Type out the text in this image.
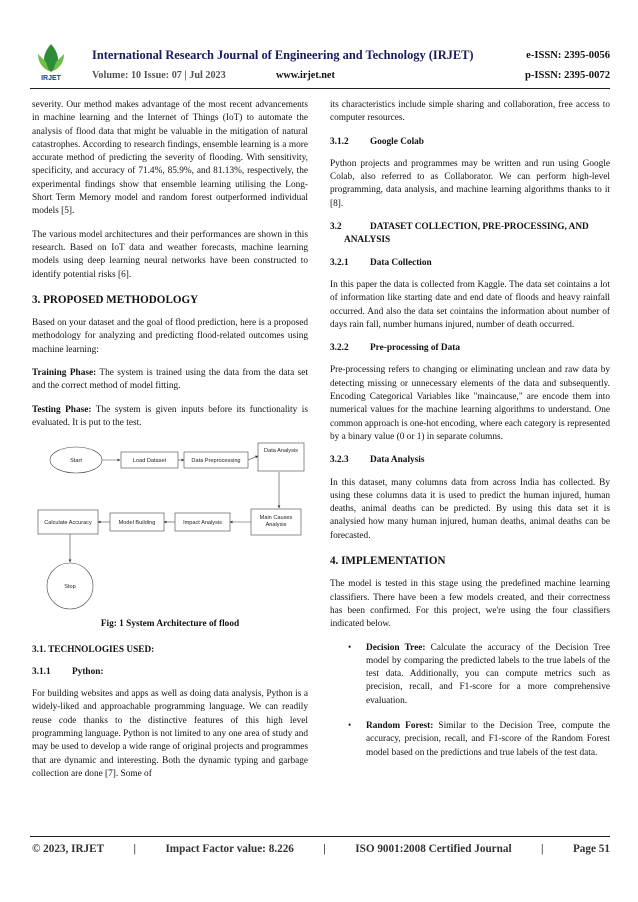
IRJET
International Research Journal of Engineering and Technology (IRJET)	e-ISSN: 2395-0056
Volume: 10 Issue: 07 | Jul 2023	www.irjet.net	p-ISSN: 2395-0072

severity. Our method makes advantage of the most recent advancements in machine learning and the Internet of Things (IoT) to automate the analysis of flood data that might be valuable in the mitigation of natural catastrophes. According to research findings, ensemble learning is a more accurate method of predicting the severity of flooding. With sensitivity, specificity, and accuracy of 71.4%, 85.9%, and 81.13%, respectively, the experimental findings show that ensemble learning utilising the Long-Short Term Memory model and random forest outperformed individual models [5].

The various model architectures and their performances are shown in this research. Based on IoT data and weather forecasts, machine learning models using deep learning neural networks have been constructed to identify potential risks [6].

3. PROPOSED METHODOLOGY

Based on your dataset and the goal of flood prediction, here is a proposed methodology for analyzing and predicting flood-related outcomes using machine learning:

Training Phase: The system is trained using the data from the data set and the correct method of model fitting.

Testing Phase: The system is given inputs before its functionality is evaluated. It is put to the test.

Start	Load Dataset	Data Preprocessing
Data Analysis
Main Causes
Analysis
Impact Analysis
Model Building
Calculate Accuracy
Stop
Fig: 1 System Architecture of flood
3.1. TECHNOLOGIES USED:
3.1.1 Python:

For building websites and apps as well as doing data analysis, Python is a widely-liked and approachable programming language. We can readily reuse code thanks to the distinctive features of this high level programming language. Python is not limited to any one area of study and may be used to develop a wide range of original projects and programmes that are dynamic and interesting. Both the dynamic typing and garbage collection are done [7]. Some of

its characteristics include simple sharing and collaboration, free access to computer resources.

3.1.2 Google Colab

Python projects and programmes may be written and run using Google Colab, also referred to as Collaborator. We can perform high-level programming, data analysis, and machine learning algorithms thanks to it [8].

3.2	DATASET COLLECTION, PRE-PROCESSING, AND
ANALYSIS
3.2.1 Data Collection

In this paper the data is collected from Kaggle. The data set cointains a lot of information like starting date and end date of floods and heavy rainfall occurred. And also the data set cointains the information about number of days rain fall, number humans injured, number of death occurred.

3.2.2 Pre-processing of Data

Pre-processing refers to changing or eliminating unclean and raw data by detecting missing or unnecessary elements of the data and subsequently. Encoding Categorical Variables like "maincause," are encode them into numerical values for the machine learning algorithms to understand. One common approach is one-hot encoding, where each category is represented by a binary value (0 or 1) in separate columns.

3.2.3 Data Analysis

In this dataset, many columns data from across India has collected. By using these columns data it is used to predict the human injured, human deaths, animal deaths can be predicted. By using this data set it is analysied how many human injured, human deaths, animal deaths can be forecasted.

4. IMPLEMENTATION

The model is tested in this stage using the predefined machine learning classifiers. There have been a few models created, and their correctness has been confirmed. For this project, we're using the four classifiers indicated below.

• Decision Tree: Calculate the accuracy of the Decision Tree model by comparing the predicted labels to the true labels of the test data. Additionally, you can compute metrics such as precision, recall, and F1-score for a more comprehensive evaluation.
• Random Forest: Similar to the Decision Tree, compute the accuracy, precision, recall, and F1-score of the Random Forest model based on the predictions and true labels of the test data.
© 2023, IRJET	|	Impact Factor value: 8.226	|	ISO 9001:2008 Certified Journal	|	Page 51
